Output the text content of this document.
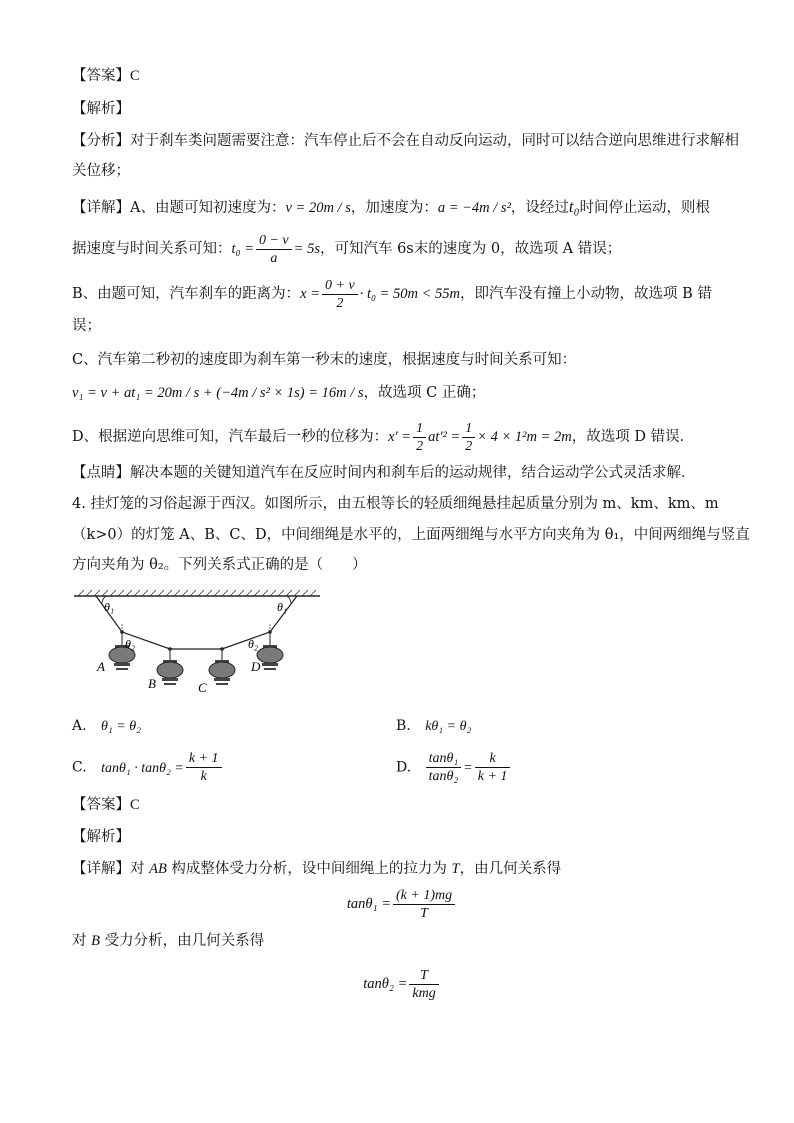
【答案】C
【解析】
【分析】对于刹车类问题需要注意：汽车停止后不会在自动反向运动，同时可以结合逆向思维进行求解相
关位移；
【详解】A、由题可知初速度为：v = 20m / s，加速度为：a = −4m / s²，设经过t₀时间停止运动，则根
据速度与时间关系可知：$t_0 = \frac{0 - v}{a} = 5s$，可知汽车 6s末的速度为 0，故选项 A 错误；
B、由题可知，汽车刹车的距离为：$x = \frac{0 + v}{2} \cdot t_0 = 50m < 55m$，即汽车没有撞上小动物，故选项 B 错
误；
C、汽车第二秒初的速度即为刹车第一秒末的速度，根据速度与时间关系可知：
v₁ = v + at₁ = 20m / s + (−4m / s² × 1s) = 16m / s，故选项 C 正确；
D、根据逆向思维可知，汽车最后一秒的位移为：$x' = \frac{1}{2} at'^2 = \frac{1}{2} \times 4 \times 1^2m = 2m$，故选项 D 错误．
【点睛】解决本题的关键知道汽车在反应时间内和刹车后的运动规律，结合运动学公式灵活求解．
4. 挂灯笼的习俗起源于西汉。如图所示，由五根等长的轻质细绳悬挂起质量分别为 m、km、km、m
（k>0）的灯笼 A、B、C、D，中间细绳是水平的，上面两细绳与水平方向夹角为 θ₁，中间两细绳与竖直
方向夹角为 θ₂。下列关系式正确的是（　　）
θ₁	θ₁
θ₂	θ₂
A
B	C
D
A. θ₁ = θ₂	B. kθ₁ = θ₂
C. $\tan\theta_1 \cdot \tan\theta_2 = \frac{k + 1}{k}$	D. $\frac{\text{tanθ₁}}{\text{tanθ₂}} = \frac{k}{k + 1}$
【答案】C
【解析】
【详解】对 AB 构成整体受力分析，设中间细绳上的拉力为 T，由几何关系得
$\tan\theta_1 = \frac{(k + 1)mg}{T}$
对 B 受力分析，由几何关系得
$\tan\theta_2 = \frac{T}{\text{kmg}}$
